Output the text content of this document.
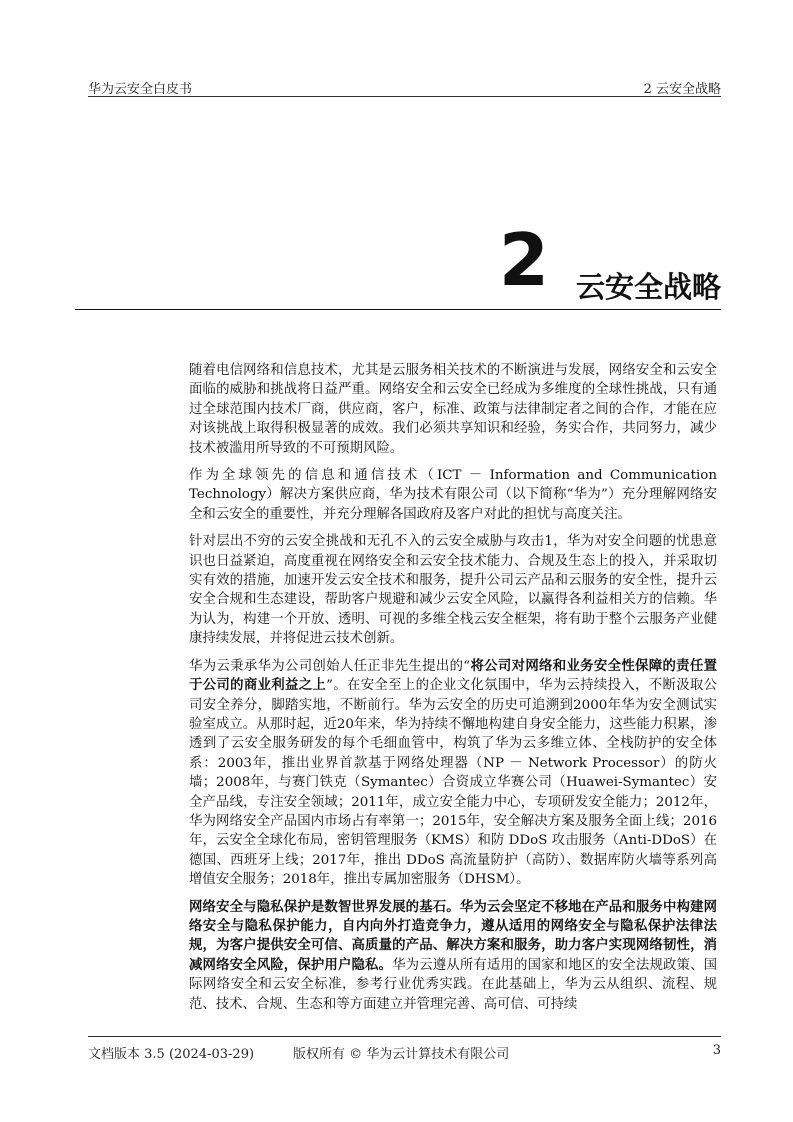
华为云安全白皮书	2 云安全战略
2 云安全战略

随着电信网络和信息技术，尤其是云服务相关技术的不断演进与发展，网络安全和云安全面临的威胁和挑战将日益严重。网络安全和云安全已经成为多维度的全球性挑战，只有通过全球范围内技术厂商，供应商，客户，标准、政策与法律制定者之间的合作，才能在应对该挑战上取得积极显著的成效。我们必须共享知识和经验，务实合作，共同努力，减少技术被滥用所导致的不可预期风险。

作为全球领先的信息和通信技术（ICT － Information and Communication Technology）解决方案供应商，华为技术有限公司（以下简称“华为”）充分理解网络安全和云安全的重要性，并充分理解各国政府及客户对此的担忧与高度关注。

针对层出不穷的云安全挑战和无孔不入的云安全威胁与攻击1，华为对安全问题的忧患意识也日益紧迫，高度重视在网络安全和云安全技术能力、合规及生态上的投入，并采取切实有效的措施，加速开发云安全技术和服务，提升公司云产品和云服务的安全性，提升云安全合规和生态建设，帮助客户规避和减少云安全风险，以赢得各利益相关方的信赖。华为认为，构建一个开放、透明、可视的多维全栈云安全框架，将有助于整个云服务产业健康持续发展，并将促进云技术创新。

华为云秉承华为公司创始人任正非先生提出的“将公司对网络和业务安全性保障的责任置于公司的商业利益之上”。在安全至上的企业文化氛围中，华为云持续投入，不断汲取公司安全养分，脚踏实地，不断前行。华为云安全的历史可追溯到2000年华为安全测试实验室成立。从那时起，近20年来，华为持续不懈地构建自身安全能力，这些能力积累，渗透到了云安全服务研发的每个毛细血管中，构筑了华为云多维立体、全栈防护的安全体系：2003年，推出业界首款基于网络处理器（NP － Network Processor）的防火墙；2008年，与赛门铁克（Symantec）合资成立华赛公司（Huawei-Symantec）安全产品线，专注安全领域；2011年，成立安全能力中心，专项研发安全能力；2012年，华为网络安全产品国内市场占有率第一；2015年，安全解决方案及服务全面上线；2016年，云安全全球化布局，密钥管理服务（KMS）和防 DDoS 攻击服务（Anti-DDoS）在德国、西班牙上线；2017年，推出 DDoS 高流量防护（高防）、数据库防火墙等系列高增值安全服务；2018年，推出专属加密服务（DHSM）。

网络安全与隐私保护是数智世界发展的基石。华为云会坚定不移地在产品和服务中构建网络安全与隐私保护能力，自内向外打造竞争力，遵从适用的网络安全与隐私保护法律法规，为客户提供安全可信、高质量的产品、解决方案和服务，助力客户实现网络韧性，消减网络安全风险，保护用户隐私。华为云遵从所有适用的国家和地区的安全法规政策、国际网络安全和云安全标准，参考行业优秀实践。在此基础上，华为云从组织、流程、规范、技术、合规、生态和等方面建立并管理完善、高可信、可持续

文档版本 3.5 (2024-03-29)	版权所有 © 华为云计算技术有限公司	3
